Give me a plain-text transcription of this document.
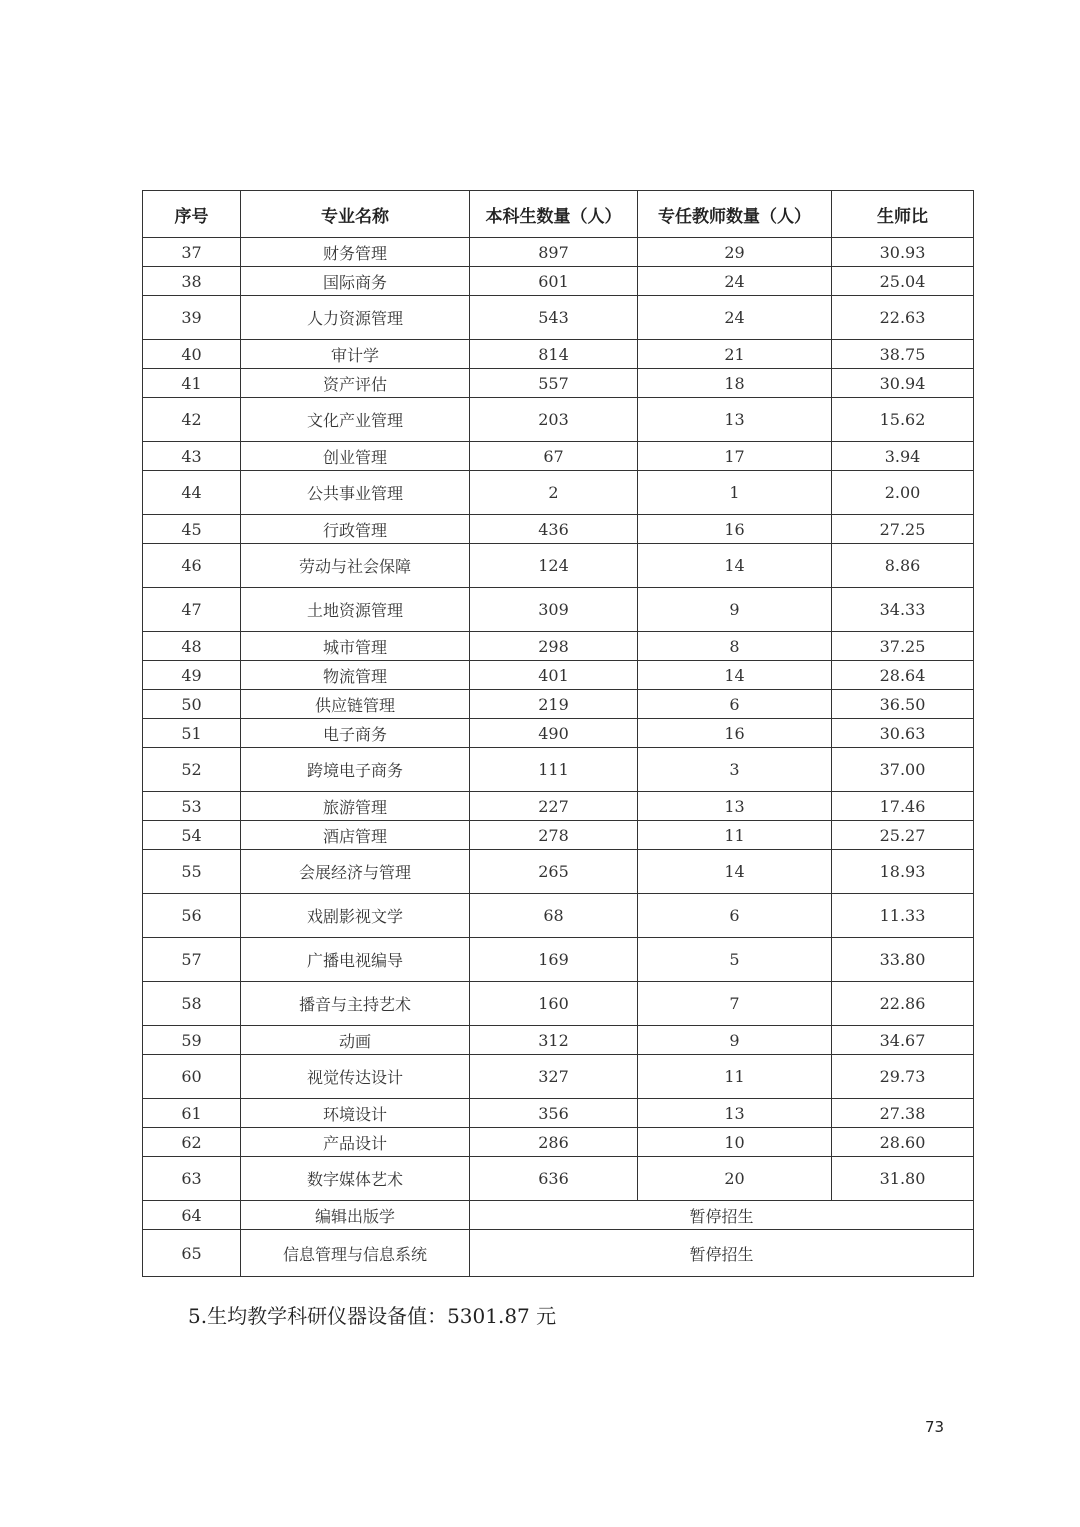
序号	专业名称	本科生数量（人）	专任教师数量（人）	生师比
37	财务管理	897	29	30.93
38	国际商务	601	24	25.04
39	人力资源管理	543	24	22.63
40	审计学	814	21	38.75
41	资产评估	557	18	30.94
42	文化产业管理	203	13	15.62
43	创业管理	67	17	3.94
44	公共事业管理	2	1	2.00
45	行政管理	436	16	27.25
46	劳动与社会保障	124	14	8.86
47	土地资源管理	309	9	34.33
48	城市管理	298	8	37.25
49	物流管理	401	14	28.64
50	供应链管理	219	6	36.50
51	电子商务	490	16	30.63
52	跨境电子商务	111	3	37.00
53	旅游管理	227	13	17.46
54	酒店管理	278	11	25.27
55	会展经济与管理	265	14	18.93
56	戏剧影视文学	68	6	11.33
57	广播电视编导	169	5	33.80
58	播音与主持艺术	160	7	22.86
59	动画	312	9	34.67
60	视觉传达设计	327	11	29.73
61	环境设计	356	13	27.38
62	产品设计	286	10	28.60
63	数字媒体艺术	636	20	31.80
64	编辑出版学	暂停招生		
65	信息管理与信息系统	暂停招生		
5.生均教学科研仪器设备值：5301.87 元
73
